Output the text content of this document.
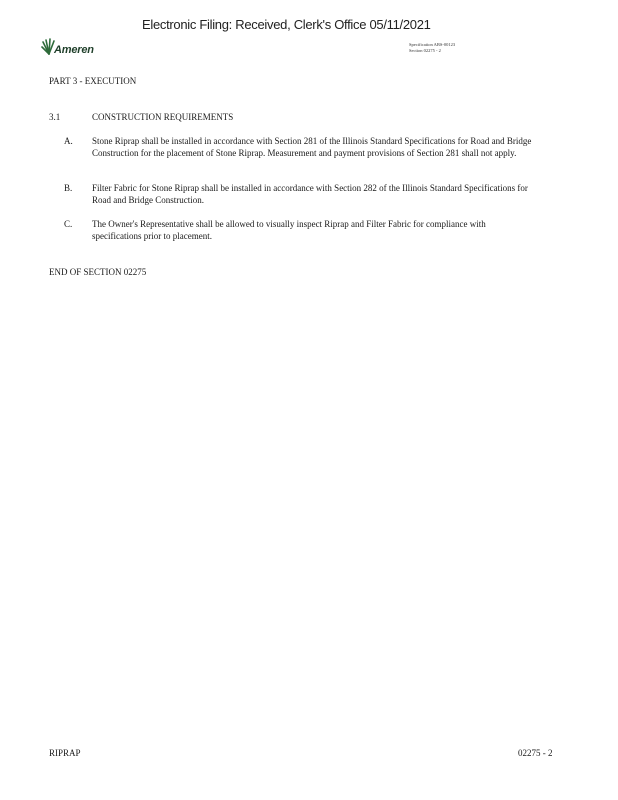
Electronic Filing: Received, Clerk's Office 05/11/2021
Ameren	Specification ABS-00123
Section 02275 - 2
PART 3 - EXECUTION
3.1	CONSTRUCTION REQUIREMENTS
A. Stone Riprap shall be installed in accordance with Section 281 of the Illinois Standard Specifications for Road and Bridge Construction for the placement of Stone Riprap. Measurement and payment provisions of Section 281 shall not apply.
B. Filter Fabric for Stone Riprap shall be installed in accordance with Section 282 of the Illinois Standard Specifications for Road and Bridge Construction.
C. The Owner's Representative shall be allowed to visually inspect Riprap and Filter Fabric for compliance with specifications prior to placement.
END OF SECTION 02275
RIPRAP	02275 - 2
